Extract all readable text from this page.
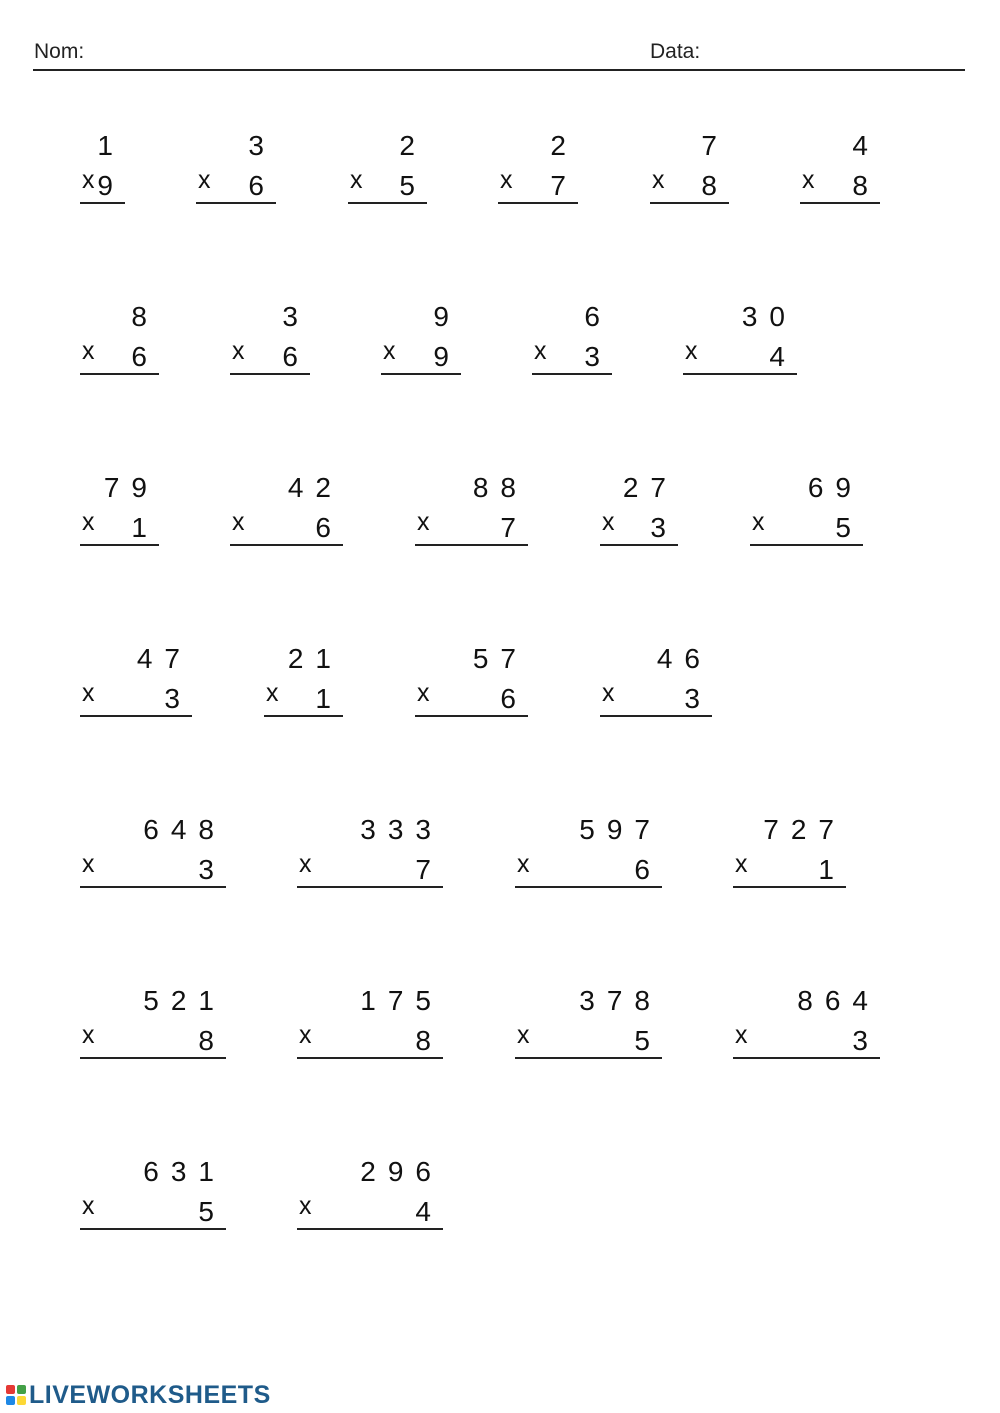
Nom:	Data:
1
x 9
3
x 6
2
x 5
2
x 7
7
x 8
4
x 8
8
x 6
3
x 6
9
x 9
6
x 3
30
x	4
79
x 1
42
x	6
88
x	7
27
x 3
69
x	5
47
x 3
21
x 1
57
x	6
46
x 3
648
x	3
333
x	7
597
x	6
727
x	1
521
x	8
175
x	8
378
x	5
864
x	3
631
x	5
296
x	4
LIVEWORKSHEETS
